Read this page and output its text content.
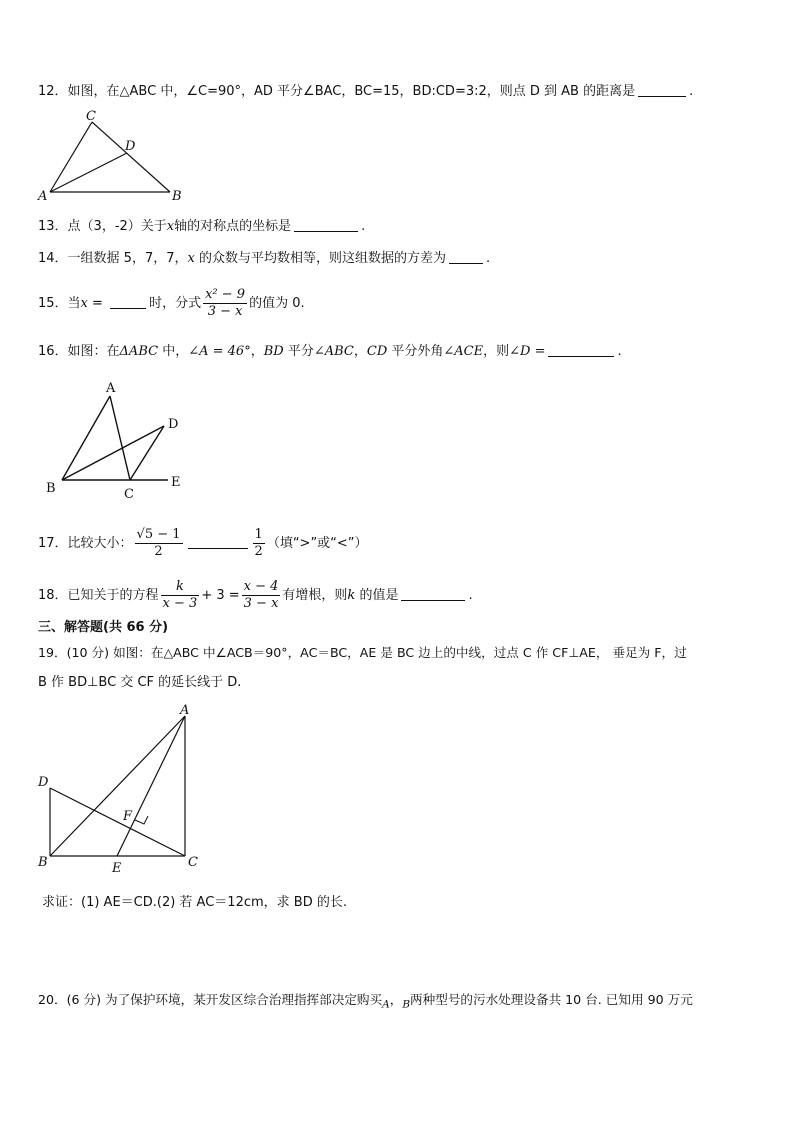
12．如图，在△ABC 中，∠C=90°，AD 平分∠BAC，BC=15，BD:CD=3:2，则点 D 到 AB 的距离是	.
C
D
A	B
13．点（3，-2）关于x轴的对称点的坐标是	.
14．一组数据 5，7，7，x 的众数与平均数相等，则这组数据的方差为	.
15．当x =	时，分式 $\frac{\text{x² − 9}}{3 - x}$ 的值为 0.
16．如图：在ΔABC 中，∠A = 46°，BD 平分∠ABC，CD 平分外角∠ACE，则∠D =	.
A
D
B	C
E
17．比较大小： $\frac{√5 - 1}{2}$	$\frac{1}{2}$ （填“>”或“<”）
18．已知关于的方程 $\frac{k}{x - 3} + 3 = \frac{x - 4}{3 - x}$ 有增根，则k 的值是	.
三、解答题(共 66 分)
19．(10 分) 如图：在△ABC 中∠ACB＝90°，AC＝BC，AE 是 BC 边上的中线，过点 C 作 CF⊥AE， 垂足为 F，过
B 作 BD⊥BC 交 CF 的延长线于 D.
A
D
F
B	E	C
求证：(1) AE＝CD.(2) 若 AC＝12cm，求 BD 的长.
20．(6 分) 为了保护环境，某开发区综合治理指挥部决定购买$_A$，$_B$两种型号的污水处理设备共 10 台. 已知用 90 万元
